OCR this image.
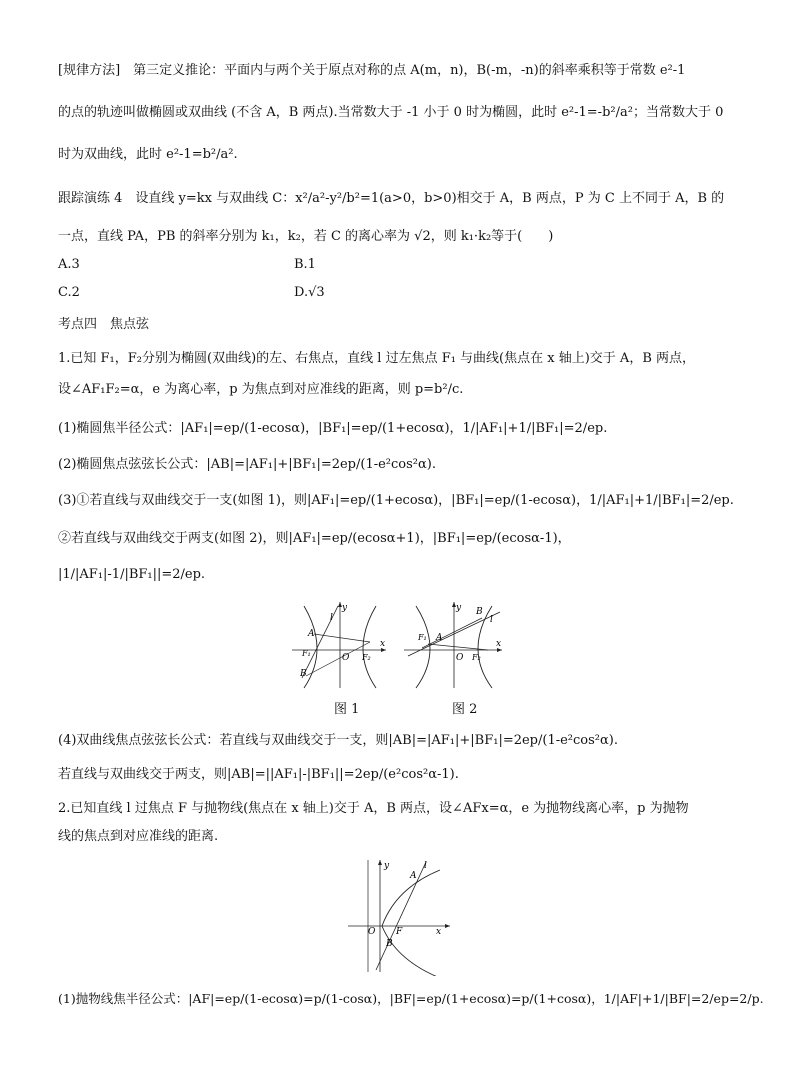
[规律方法]　第三定义推论：平面内与两个关于原点对称的点 A(m，n)，B(-m，-n)的斜率乘积等于常数 e²-1
的点的轨迹叫做椭圆或双曲线 (不含 A，B 两点).当常数大于 -1 小于 0 时为椭圆，此时 e²-1=-b²/a²；当常数大于 0
时为双曲线，此时 e²-1=b²/a².
跟踪演练 4　设直线 y=kx 与双曲线 C：x²/a²-y²/b²=1(a>0，b>0)相交于 A，B 两点，P 为 C 上不同于 A，B 的
一点，直线 PA，PB 的斜率分别为 k₁，k₂，若 C 的离心率为 √2，则 k₁·k₂等于(　　)
A.3	B.1
C.2	D.√3
考点四　焦点弦
1.已知 F₁，F₂分别为椭圆(双曲线)的左、右焦点，直线 l 过左焦点 F₁ 与曲线(焦点在 x 轴上)交于 A，B 两点，
设∠AF₁F₂=α，e 为离心率，p 为焦点到对应准线的距离，则 p=b²/c.
(1)椭圆焦半径公式：|AF₁|=ep/(1-ecosα)，|BF₁|=ep/(1+ecosα)，1/|AF₁|+1/|BF₁|=2/ep.
(2)椭圆焦点弦弦长公式：|AB|=|AF₁|+|BF₁|=2ep/(1-e²cos²α).
(3)①若直线与双曲线交于一支(如图 1)，则|AF₁|=ep/(1+ecosα)，|BF₁|=ep/(1-ecosα)，1/|AF₁|+1/|BF₁|=2/ep.
②若直线与双曲线交于两支(如图 2)，则|AF₁|=ep/(ecosα+1)，|BF₁|=ep/(ecosα-1)，
|1/|AF₁|-1/|BF₁||=2/ep.
y
x
l
A
B
O
F₁	F₂
y
x
l
A
B
O
F₁
F₂
图 1	图 2
(4)双曲线焦点弦弦长公式：若直线与双曲线交于一支，则|AB|=|AF₁|+|BF₁|=2ep/(1-e²cos²α).
若直线与双曲线交于两支，则|AB|=||AF₁|-|BF₁||=2ep/(e²cos²α-1).
2.已知直线 l 过焦点 F 与抛物线(焦点在 x 轴上)交于 A，B 两点，设∠AFx=α，e 为抛物线离心率，p 为抛物
线的焦点到对应准线的距离.
y
x
l
A
B
O F
(1)抛物线焦半径公式：|AF|=ep/(1-ecosα)=p/(1-cosα)，|BF|=ep/(1+ecosα)=p/(1+cosα)，1/|AF|+1/|BF|=2/ep=2/p.
